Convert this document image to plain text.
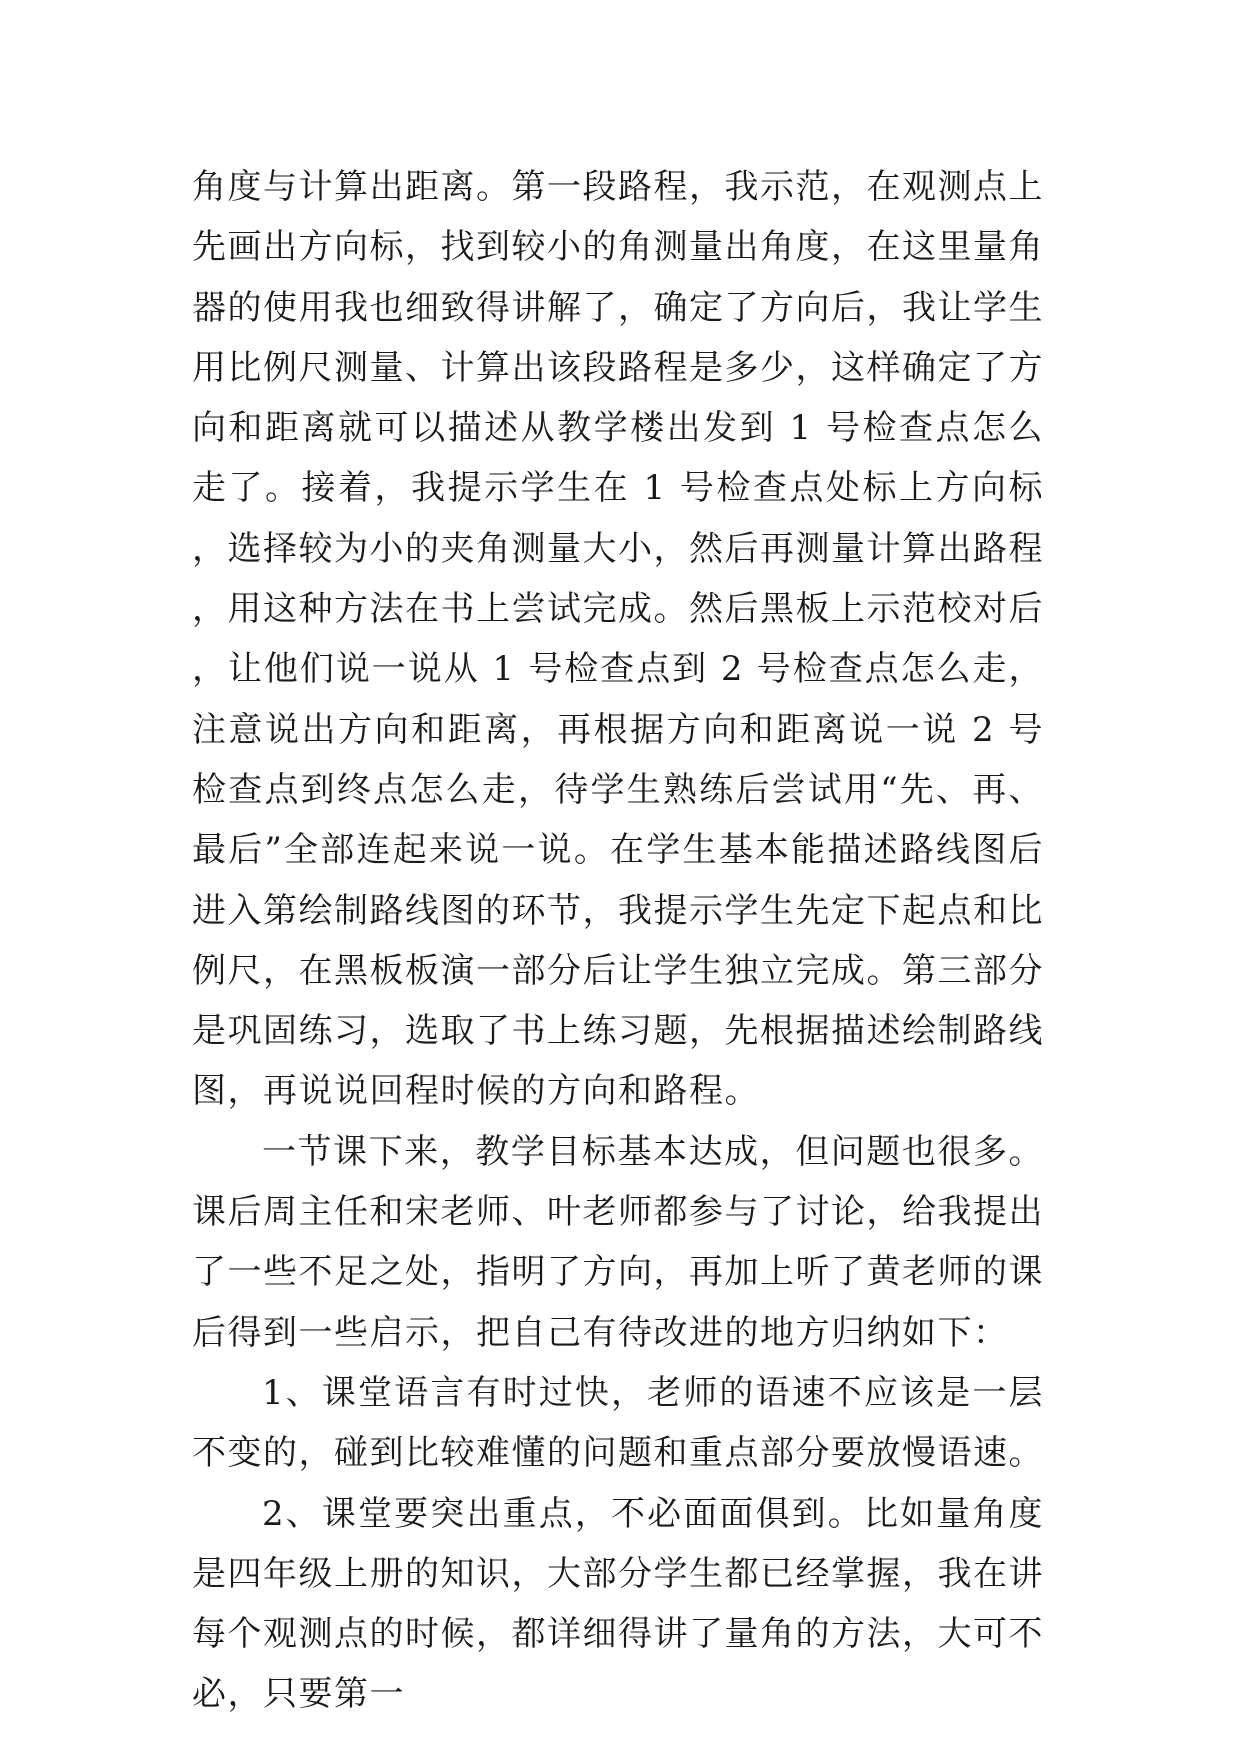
角度与计算出距离。第一段路程，我示范，在观测点上先画出方向标，找到较小的角测量出角度，在这里量角器的使用我也细致得讲解了，确定了方向后，我让学生用比例尺测量、计算出该段路程是多少，这样确定了方向和距离就可以描述从教学楼出发到 1 号检查点怎么走了。接着，我提示学生在 1 号检查点处标上方向标，选择较为小的夹角测量大小，然后再测量计算出路程，用这种方法在书上尝试完成。然后黑板上示范校对后，让他们说一说从 1 号检查点到 2 号检查点怎么走，注意说出方向和距离，再根据方向和距离说一说 2 号检查点到终点怎么走，待学生熟练后尝试用“先、再、最后”全部连起来说一说。在学生基本能描述路线图后进入第绘制路线图的环节，我提示学生先定下起点和比例尺，在黑板板演一部分后让学生独立完成。第三部分是巩固练习，选取了书上练习题，先根据描述绘制路线图，再说说回程时候的方向和路程。

一节课下来，教学目标基本达成，但问题也很多。课后周主任和宋老师、叶老师都参与了讨论，给我提出了一些不足之处，指明了方向，再加上听了黄老师的课后得到一些启示，把自己有待改进的地方归纳如下：

1、课堂语言有时过快，老师的语速不应该是一层不变的，碰到比较难懂的问题和重点部分要放慢语速。

2、课堂要突出重点，不必面面俱到。比如量角度是四年级上册的知识，大部分学生都已经掌握，我在讲每个观测点的时候，都详细得讲了量角的方法，大可不必，只要第一
